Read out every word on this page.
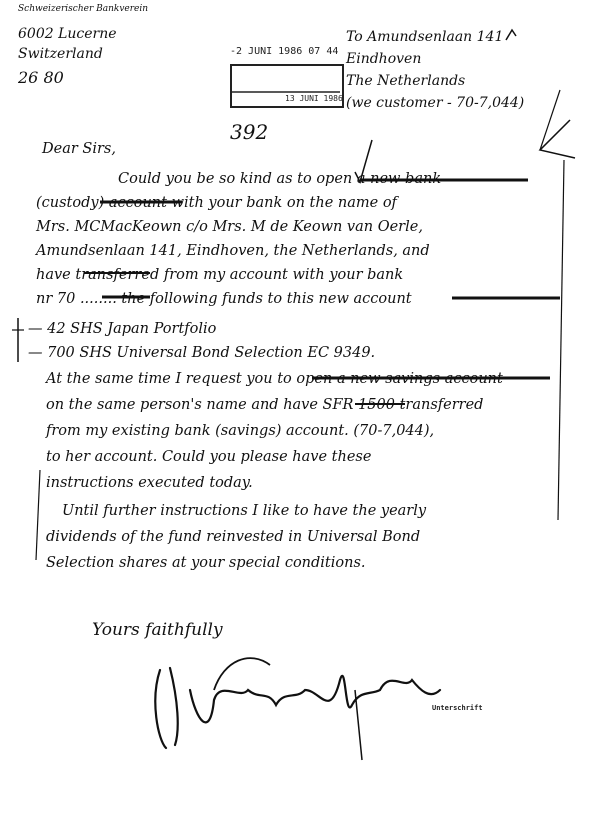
Schweizerischer Bankverein
6002 Lucerne
Switzerland
26 80
-2 JUNI 1986 07 44
13 JUNI 1986
To Amundsenlaan 141
Eindhoven
The Netherlands
(we customer - 70-7,044)
392
Dear Sirs,
Could you be so kind as to open a new bank
(custody) account with your bank on the name of
Mrs. MCMacKeown c/o Mrs. M de Keown van Oerle,
Amundsenlaan 141, Eindhoven, the Netherlands, and
have transferred from my account with your bank
nr 70 ........ the following funds to this new account
— 42 SHS Japan Portfolio
— 700 SHS Universal Bond Selection EC 9349.
At the same time I request you to open a new savings account
on the same person's name and have SFR 1500 transferred
from my existing bank (savings) account. (70-7,044),
to her account. Could you please have these
instructions executed today.
Until further instructions I like to have the yearly
dividends of the fund reinvested in Universal Bond
Selection shares at your special conditions.
Yours faithfully
Unterschrift
